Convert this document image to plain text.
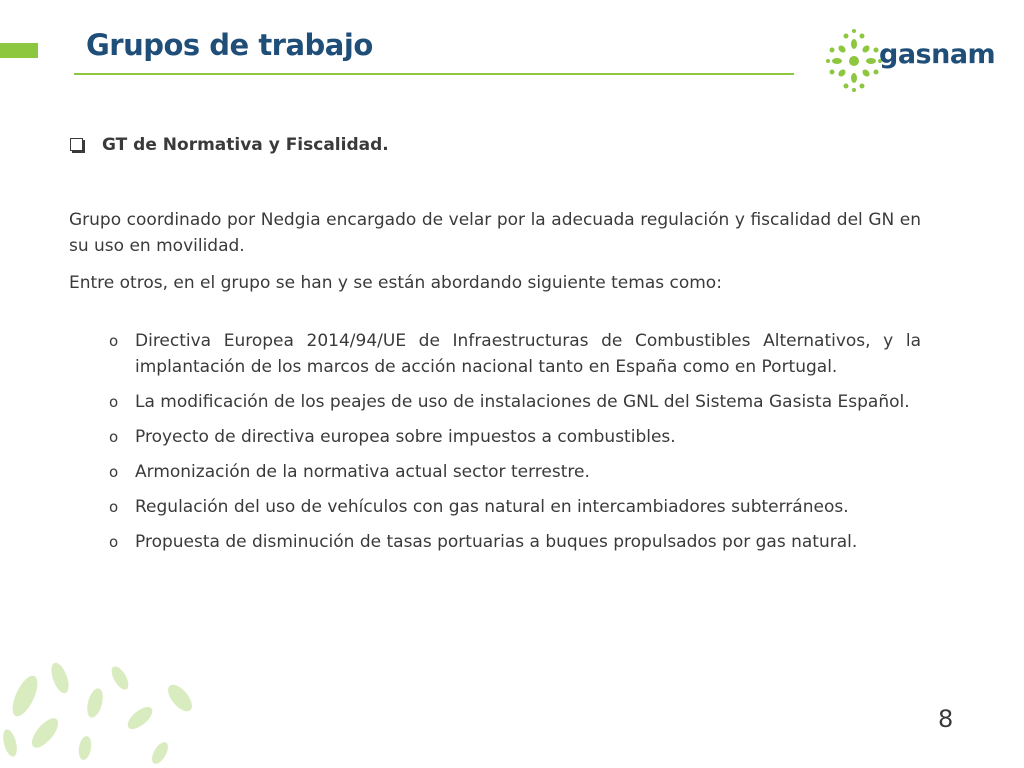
Grupos de trabajo	gasnam
GT de Normativa y Fiscalidad.

Grupo coordinado por Nedgia encargado de velar por la adecuada regulación y fiscalidad del GN en su uso en movilidad.

Entre otros, en el grupo se han y se están abordando siguiente temas como:

o Directiva Europea 2014/94/UE de Infraestructuras de Combustibles Alternativos, y la implantación de los marcos de acción nacional tanto en España como en Portugal.
o La modificación de los peajes de uso de instalaciones de GNL del Sistema Gasista Español.
o Proyecto de directiva europea sobre impuestos a combustibles.
o Armonización de la normativa actual sector terrestre.
o Regulación del uso de vehículos con gas natural en intercambiadores subterráneos.
o Propuesta de disminución de tasas portuarias a buques propulsados por gas natural.
8
